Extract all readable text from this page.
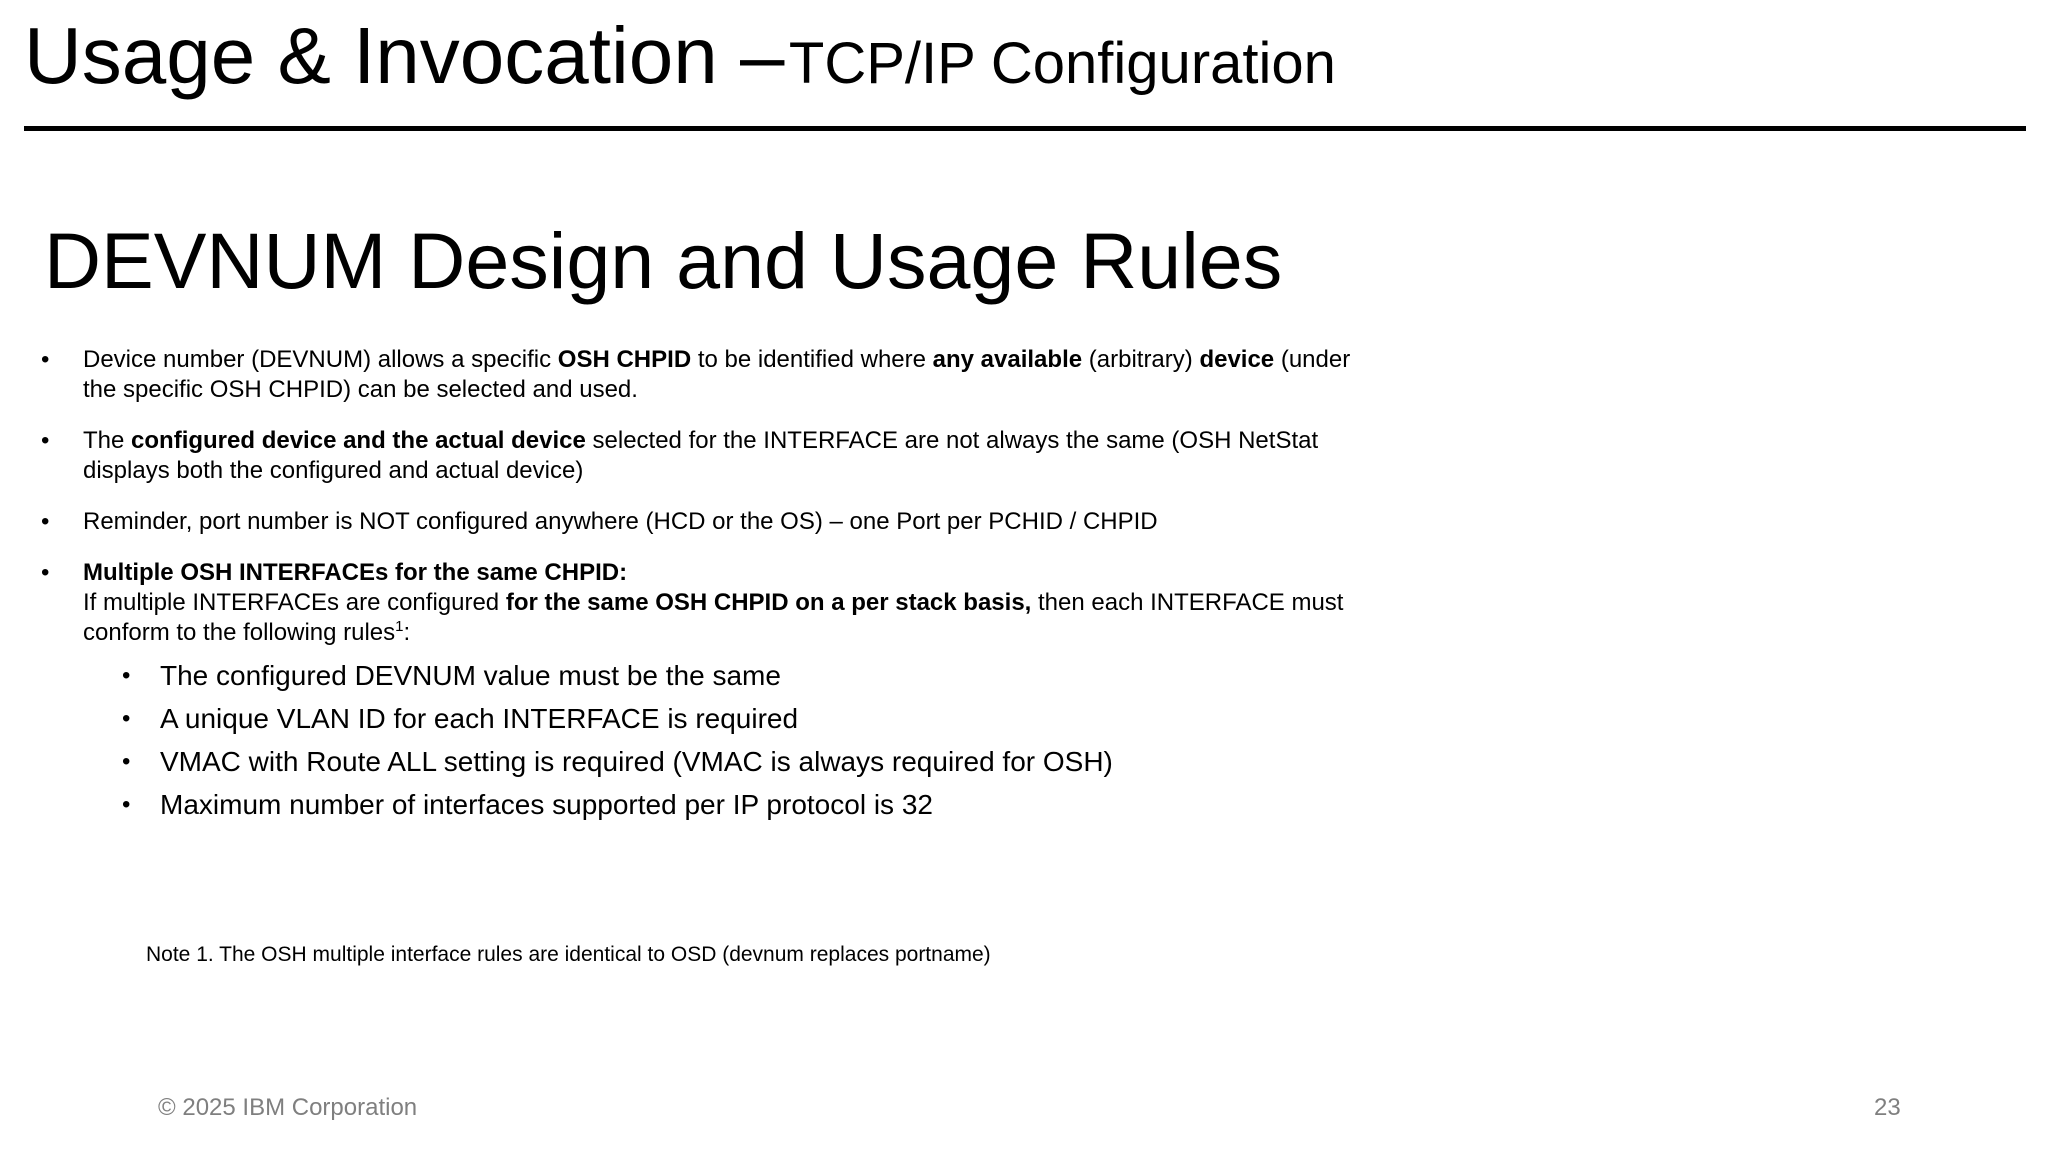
Usage & Invocation – TCP/IP Configuration
DEVNUM Design and Usage Rules
• Device number (DEVNUM) allows a specific OSH CHPID to be identified where any available (arbitrary) device (under the specific OSH CHPID) can be selected and used.
• The configured device and the actual device selected for the INTERFACE are not always the same (OSH NetStat displays both the configured and actual device)
• Reminder, port number is NOT configured anywhere (HCD or the OS) – one Port per PCHID / CHPID
• Multiple OSH INTERFACEs for the same CHPID:
If multiple INTERFACEs are configured for the same OSH CHPID on a per stack basis, then each INTERFACE must conform to the following rules$^1$:
• The configured DEVNUM value must be the same
• A unique VLAN ID for each INTERFACE is required
• VMAC with Route ALL setting is required (VMAC is always required for OSH)
• Maximum number of interfaces supported per IP protocol is 32
Note 1. The OSH multiple interface rules are identical to OSD (devnum replaces portname)
© 2025 IBM Corporation	23
